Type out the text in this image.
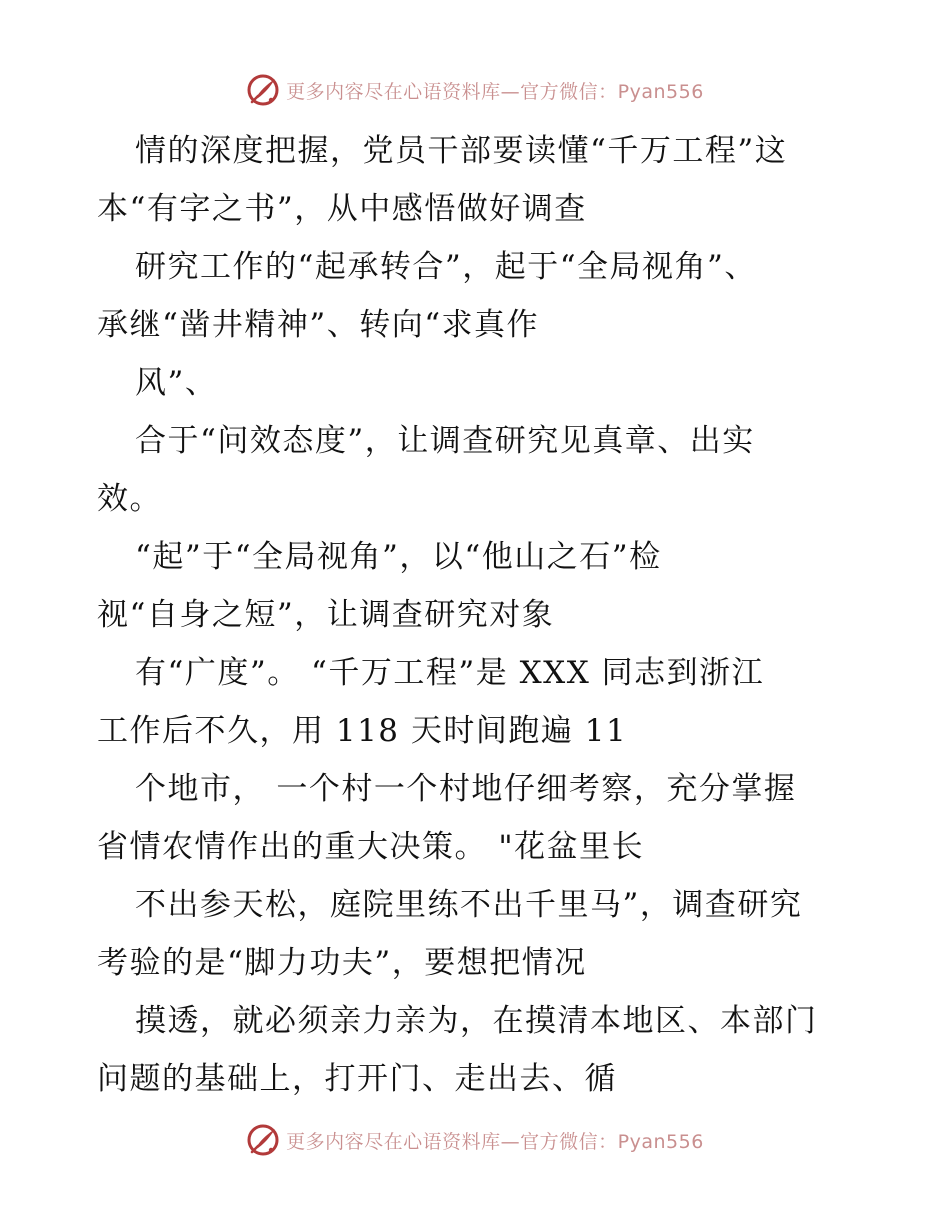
更多内容尽在心语资料库—官方微信：Pyan556
情的深度把握，党员干部要读懂“千万工程”这
本“有字之书”，从中感悟做好调查
研究工作的“起承转合”，起于“全局视角”、
承继“凿井精神”、转向“求真作
风”、
合于“问效态度”，让调查研究见真章、出实
效。
“起”于“全局视角”，以“他山之石”检
视“自身之短”，让调查研究对象
有“广度”。 “千万工程”是 XXX 同志到浙江
工作后不久，用 118 天时间跑遍 11
个地市， 一个村一个村地仔细考察，充分掌握
省情农情作出的重大决策。 "花盆里长
不出参天松，庭院里练不出千里马”，调查研究
考验的是“脚力功夫”，要想把情况
摸透，就必须亲力亲为，在摸清本地区、本部门
问题的基础上，打开门、走出去、循
更多内容尽在心语资料库—官方微信：Pyan556
